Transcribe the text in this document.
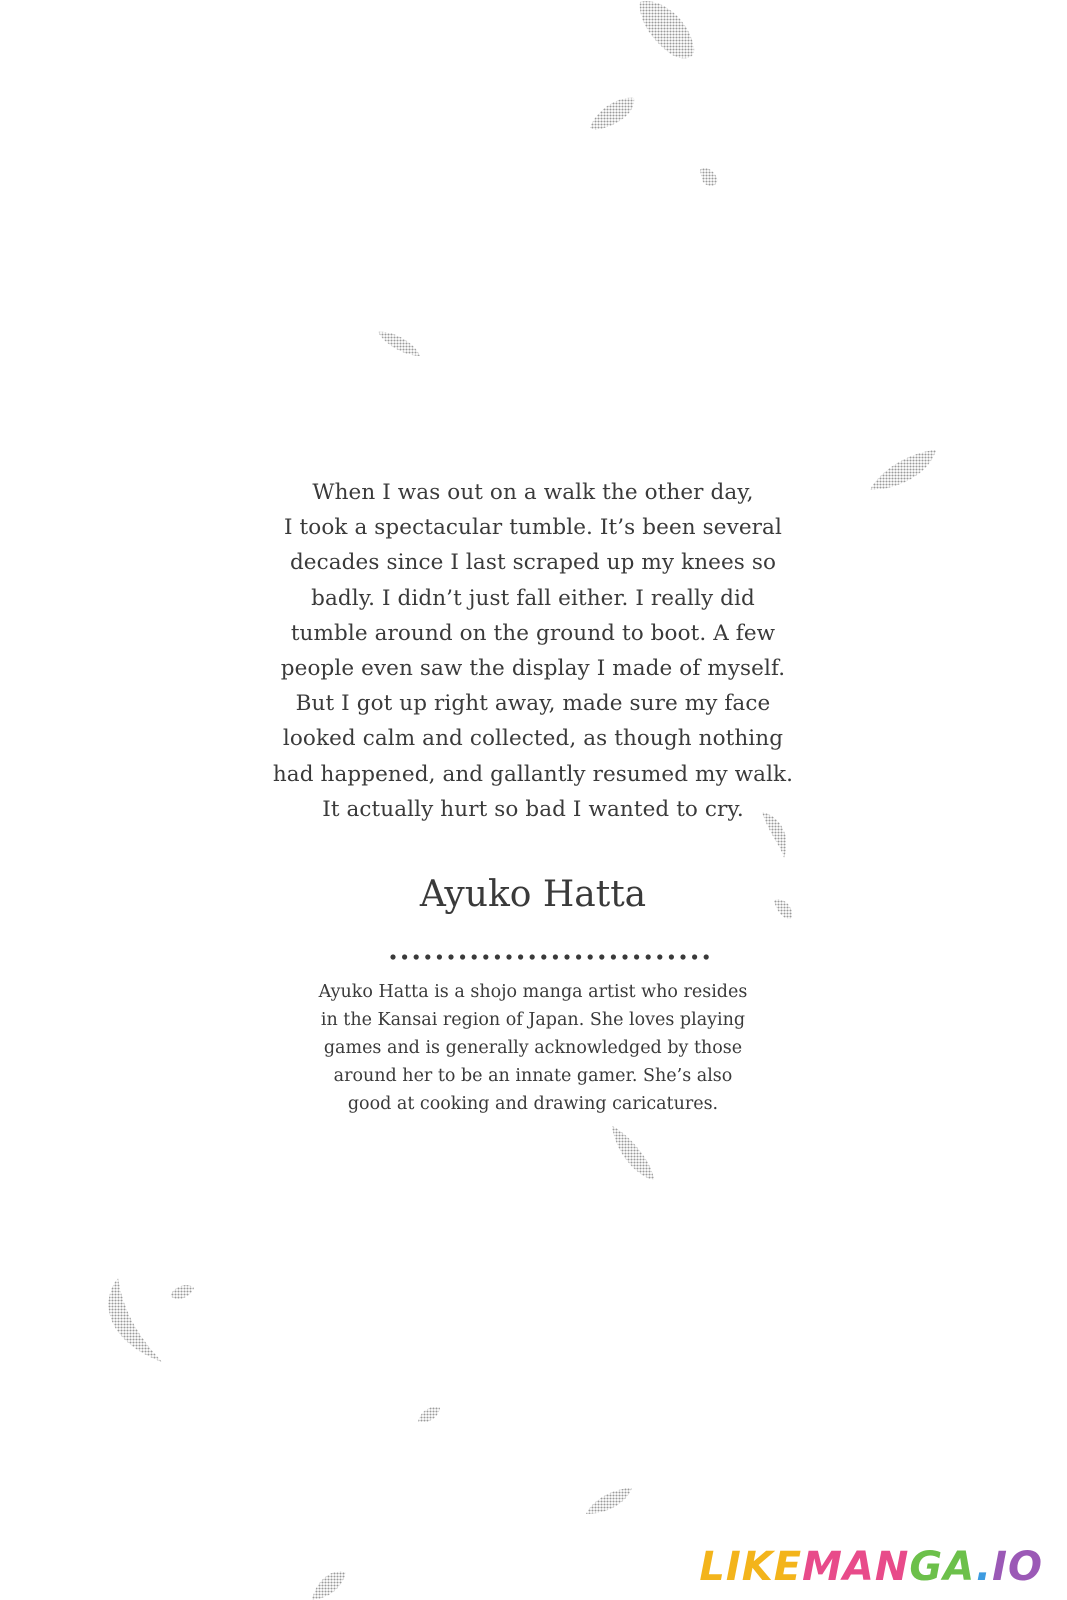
When I was out on a walk the other day,
I took a spectacular tumble. It’s been several
decades since I last scraped up my knees so
badly. I didn’t just fall either. I really did
tumble around on the ground to boot. A few
people even saw the display I made of myself.
But I got up right away, made sure my face
looked calm and collected, as though nothing
had happened, and gallantly resumed my walk.
It actually hurt so bad I wanted to cry.
Ayuko Hatta
Ayuko Hatta is a shojo manga artist who resides
in the Kansai region of Japan. She loves playing
games and is generally acknowledged by those
around her to be an innate gamer. She’s also
good at cooking and drawing caricatures.
LIKEMANGA.IO
